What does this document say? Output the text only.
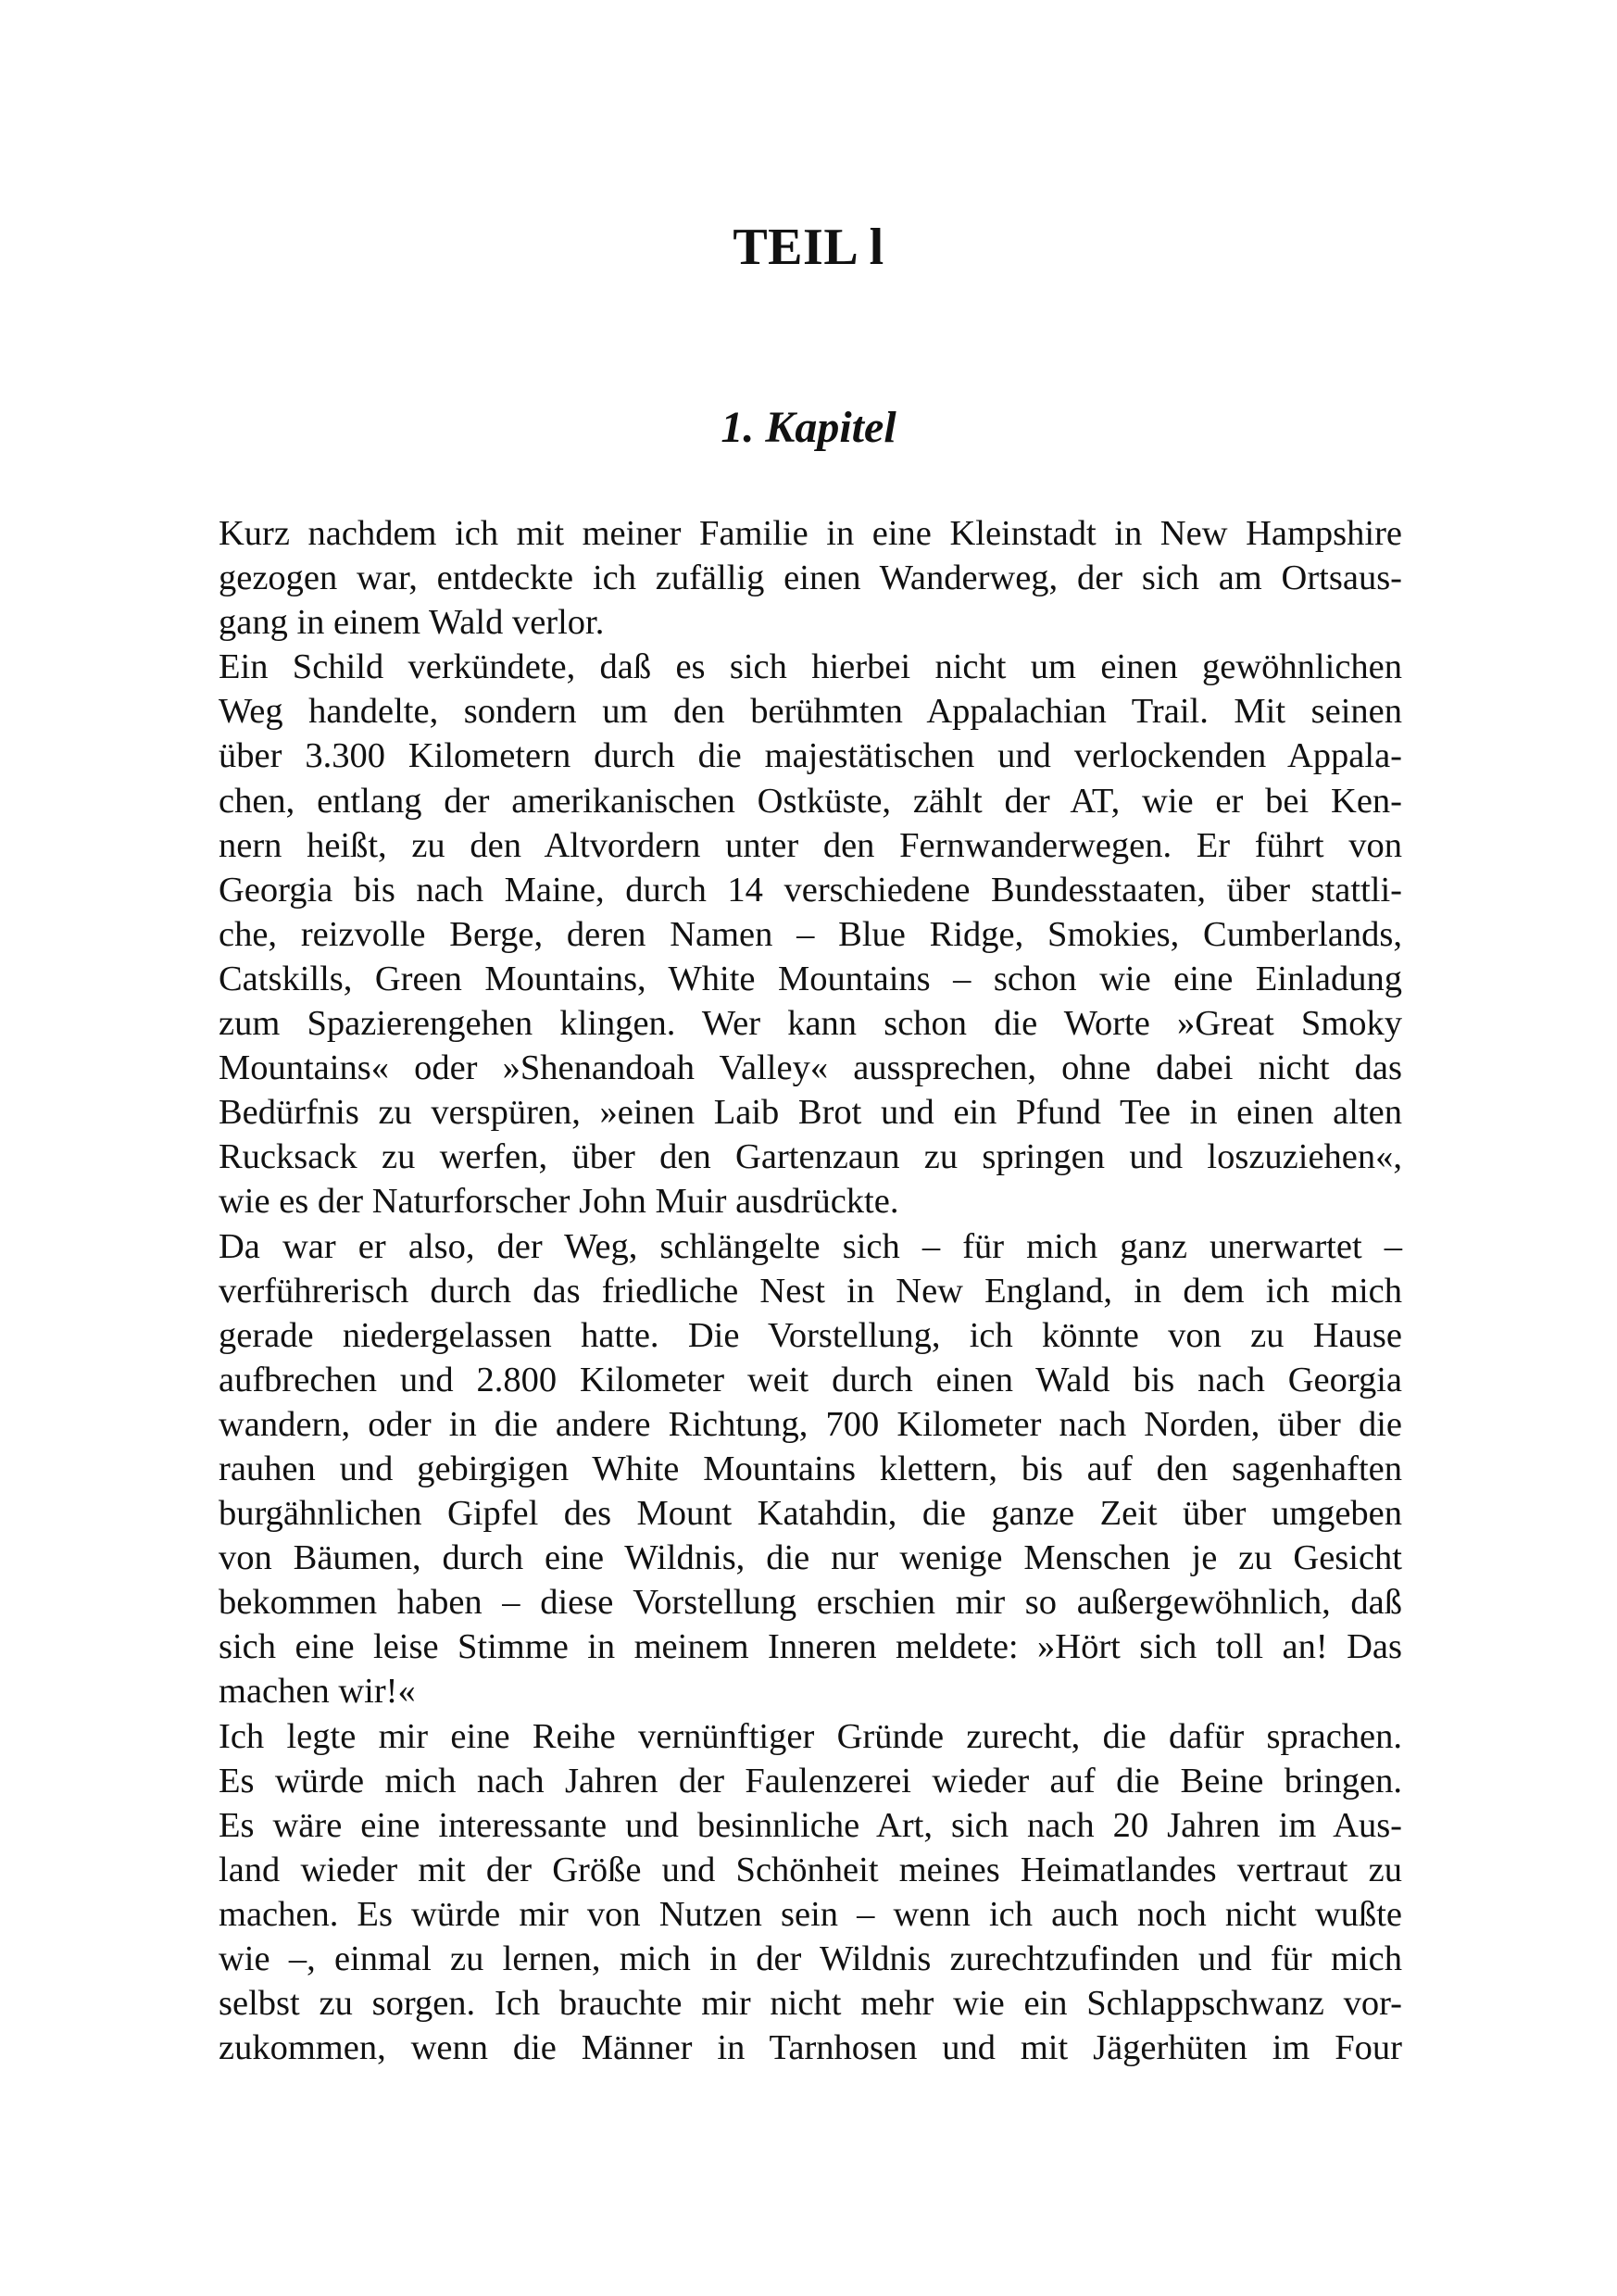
TEIL l
1. Kapitel

Kurz nachdem ich mit meiner Familie in eine Kleinstadt in New Hampshire
gezogen war, entdeckte ich zufällig einen Wanderweg, der sich am Ortsaus-
gang in einem Wald verlor.

Ein Schild verkündete, daß es sich hierbei nicht um einen gewöhnlichen
Weg handelte, sondern um den berühmten Appalachian Trail. Mit seinen
über 3.300 Kilometern durch die majestätischen und verlockenden Appala-
chen, entlang der amerikanischen Ostküste, zählt der AT, wie er bei Ken-
nern heißt, zu den Altvordern unter den Fernwanderwegen. Er führt von
Georgia bis nach Maine, durch 14 verschiedene Bundesstaaten, über stattli-
che, reizvolle Berge, deren Namen – Blue Ridge, Smokies, Cumberlands,
Catskills, Green Mountains, White Mountains – schon wie eine Einladung
zum Spazierengehen klingen. Wer kann schon die Worte »Great Smoky
Mountains« oder »Shenandoah Valley« aussprechen, ohne dabei nicht das
Bedürfnis zu verspüren, »einen Laib Brot und ein Pfund Tee in einen alten
Rucksack zu werfen, über den Gartenzaun zu springen und loszuziehen«,
wie es der Naturforscher John Muir ausdrückte.

Da war er also, der Weg, schlängelte sich – für mich ganz unerwartet –
verführerisch durch das friedliche Nest in New England, in dem ich mich
gerade niedergelassen hatte. Die Vorstellung, ich könnte von zu Hause
aufbrechen und 2.800 Kilometer weit durch einen Wald bis nach Georgia
wandern, oder in die andere Richtung, 700 Kilometer nach Norden, über die
rauhen und gebirgigen White Mountains klettern, bis auf den sagenhaften
burgähnlichen Gipfel des Mount Katahdin, die ganze Zeit über umgeben
von Bäumen, durch eine Wildnis, die nur wenige Menschen je zu Gesicht
bekommen haben – diese Vorstellung erschien mir so außergewöhnlich, daß
sich eine leise Stimme in meinem Inneren meldete: »Hört sich toll an! Das
machen wir!«

Ich legte mir eine Reihe vernünftiger Gründe zurecht, die dafür sprachen.
Es würde mich nach Jahren der Faulenzerei wieder auf die Beine bringen.
Es wäre eine interessante und besinnliche Art, sich nach 20 Jahren im Aus-
land wieder mit der Größe und Schönheit meines Heimatlandes vertraut zu
machen. Es würde mir von Nutzen sein – wenn ich auch noch nicht wußte
wie –, einmal zu lernen, mich in der Wildnis zurechtzufinden und für mich
selbst zu sorgen. Ich brauchte mir nicht mehr wie ein Schlappschwanz vor-
zukommen, wenn die Männer in Tarnhosen und mit Jägerhüten im Four
